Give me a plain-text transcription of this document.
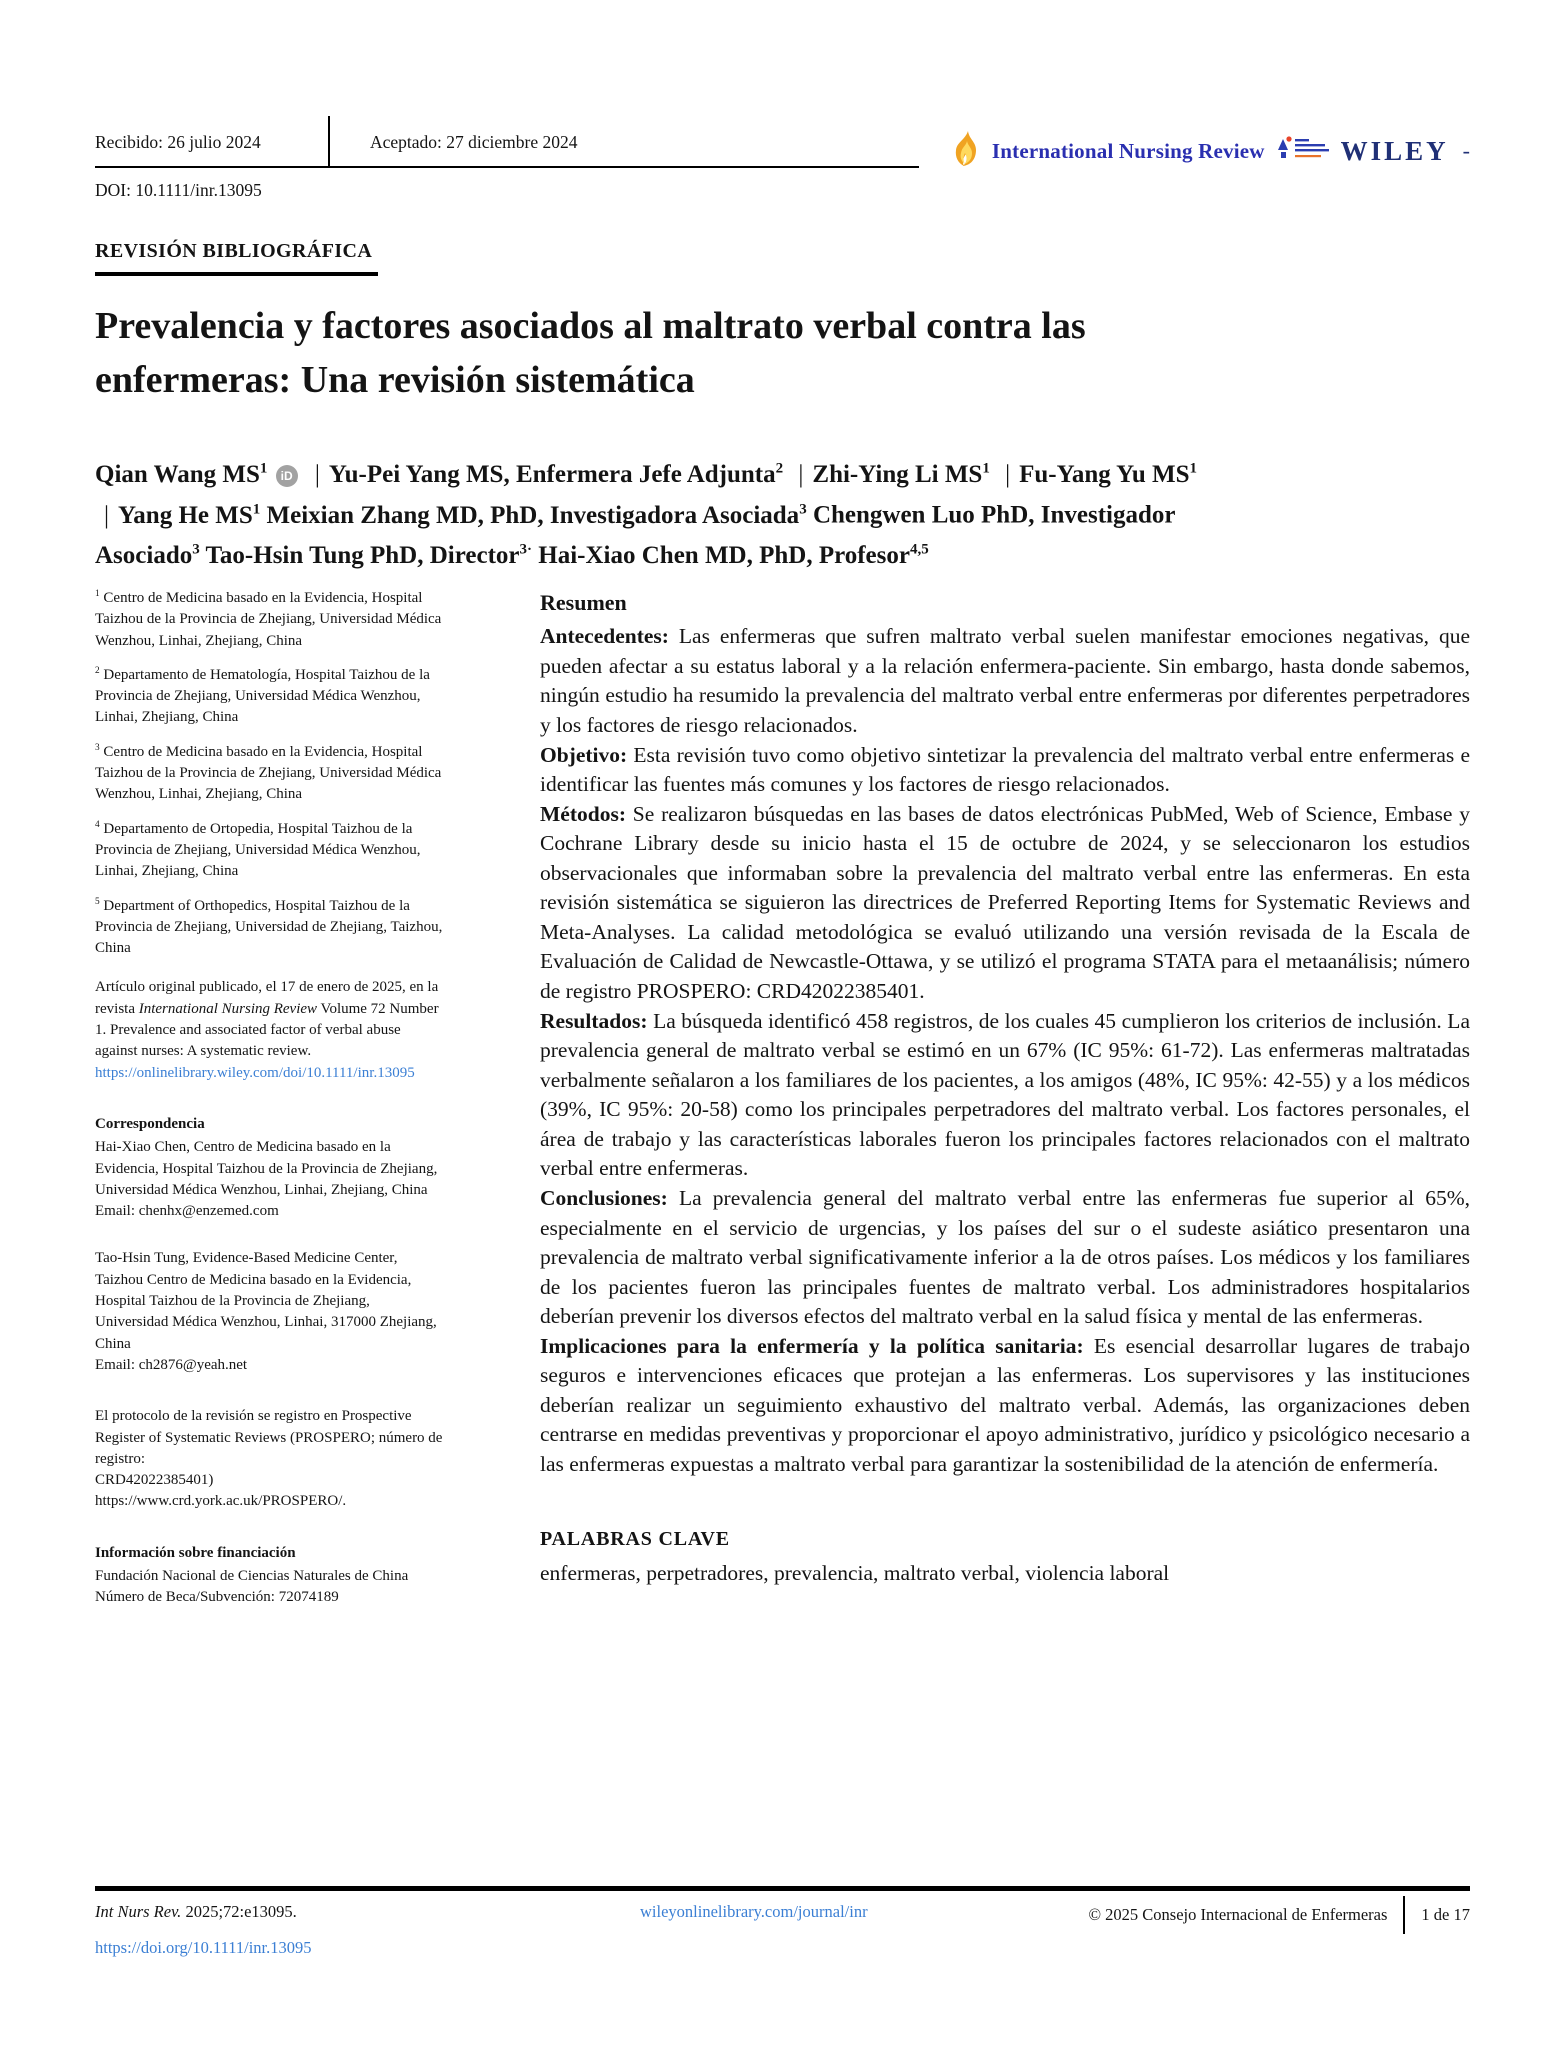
Recibido: 26 julio 2024	Aceptado: 27 diciembre 2024
DOI: 10.1111/inr.13095
International Nursing Review	WILEY -
REVISIÓN BIBLIOGRÁFICA
Prevalencia y factores asociados al maltrato verbal contra las
enfermeras: Una revisión sistemática
Qian Wang $MS^1$ iD | Yu-Pei Yang MS, Enfermera Jefe Adjunta$^2$ | Zhi-Ying Li $MS^1$ | Fu-Yang Yu $MS^1$
| Yang He $MS^1$ Meixian Zhang MD, PhD, Investigadora Asociada$^3$ Chengwen Luo PhD, Investigador
Asociado$^3$ Tao-Hsin Tung PhD, Director$^{3\cdot}$ Hai-Xiao Chen MD, PhD, Profesor$^{4,5}$

$^1$ Centro de Medicina basado en la Evidencia, Hospital Taizhou de la Provincia de Zhejiang, Universidad Médica Wenzhou, Linhai, Zhejiang, China

$^2$ Departamento de Hematología, Hospital Taizhou de la Provincia de Zhejiang, Universidad Médica Wenzhou, Linhai, Zhejiang, China

$^3$ Centro de Medicina basado en la Evidencia, Hospital Taizhou de la Provincia de Zhejiang, Universidad Médica Wenzhou, Linhai, Zhejiang, China

$^4$ Departamento de Ortopedia, Hospital Taizhou de la Provincia de Zhejiang, Universidad Médica Wenzhou, Linhai, Zhejiang, China

$^5$ Department of Orthopedics, Hospital Taizhou de la Provincia de Zhejiang, Universidad de Zhejiang, Taizhou, China

Artículo original publicado, el 17 de enero de 2025, en la revista International Nursing Review Volume 72 Number 1. Prevalence and associated factor of verbal abuse against nurses: A systematic review.
https://onlinelibrary.wiley.com/doi/10.1111/inr.13095

Correspondencia

Hai-Xiao Chen, Centro de Medicina basado en la Evidencia, Hospital Taizhou de la Provincia de Zhejiang, Universidad Médica Wenzhou, Linhai, Zhejiang, China
Email: chenhx@enzemed.com

Tao-Hsin Tung, Evidence-Based Medicine Center, Taizhou Centro de Medicina basado en la Evidencia, Hospital Taizhou de la Provincia de Zhejiang, Universidad Médica Wenzhou, Linhai, 317000 Zhejiang, China
Email: ch2876@yeah.net

El protocolo de la revisión se registro en Prospective Register of Systematic Reviews (PROSPERO; número de registro:
CRD42022385401)
https://www.crd.york.ac.uk/PROSPERO/.
Información sobre financiación
Fundación Nacional de Ciencias Naturales de China
Número de Beca/Subvención: 72074189
Resumen

Antecedentes: Las enfermeras que sufren maltrato verbal suelen manifestar emociones negativas, que pueden afectar a su estatus laboral y a la relación enfermera-paciente. Sin embargo, hasta donde sabemos, ningún estudio ha resumido la prevalencia del maltrato verbal entre enfermeras por diferentes perpetradores y los factores de riesgo relacionados.

Objetivo: Esta revisión tuvo como objetivo sintetizar la prevalencia del maltrato verbal entre enfermeras e identificar las fuentes más comunes y los factores de riesgo relacionados.

Métodos: Se realizaron búsquedas en las bases de datos electrónicas PubMed, Web of Science, Embase y Cochrane Library desde su inicio hasta el 15 de octubre de 2024, y se seleccionaron los estudios observacionales que informaban sobre la prevalencia del maltrato verbal entre las enfermeras. En esta revisión sistemática se siguieron las directrices de Preferred Reporting Items for Systematic Reviews and Meta-Analyses. La calidad metodológica se evaluó utilizando una versión revisada de la Escala de Evaluación de Calidad de Newcastle-Ottawa, y se utilizó el programa STATA para el metaanálisis; número de registro PROSPERO: CRD42022385401.

Resultados: La búsqueda identificó 458 registros, de los cuales 45 cumplieron los criterios de inclusión. La prevalencia general de maltrato verbal se estimó en un 67% (IC 95%: 61-72). Las enfermeras maltratadas verbalmente señalaron a los familiares de los pacientes, a los amigos (48%, IC 95%: 42-55) y a los médicos (39%, IC 95%: 20-58) como los principales perpetradores del maltrato verbal. Los factores personales, el área de trabajo y las características laborales fueron los principales factores relacionados con el maltrato verbal entre enfermeras.

Conclusiones: La prevalencia general del maltrato verbal entre las enfermeras fue superior al 65%, especialmente en el servicio de urgencias, y los países del sur o el sudeste asiático presentaron una prevalencia de maltrato verbal significativamente inferior a la de otros países. Los médicos y los familiares de los pacientes fueron las principales fuentes de maltrato verbal. Los administradores hospitalarios deberían prevenir los diversos efectos del maltrato verbal en la salud física y mental de las enfermeras.

Implicaciones para la enfermería y la política sanitaria: Es esencial desarrollar lugares de trabajo seguros e intervenciones eficaces que protejan a las enfermeras. Los supervisores y las instituciones deberían realizar un seguimiento exhaustivo del maltrato verbal. Además, las organizaciones deben centrarse en medidas preventivas y proporcionar el apoyo administrativo, jurídico y psicológico necesario a las enfermeras expuestas a maltrato verbal para garantizar la sostenibilidad de la atención de enfermería.

PALABRAS CLAVE
enfermeras, perpetradores, prevalencia, maltrato verbal, violencia laboral
Int Nurs Rev. 2025;72:e13095.	wileyonlinelibrary.com/journal/inr	© 2025 Consejo Internacional de Enfermeras 1 de 17
https://doi.org/10.1111/inr.13095
